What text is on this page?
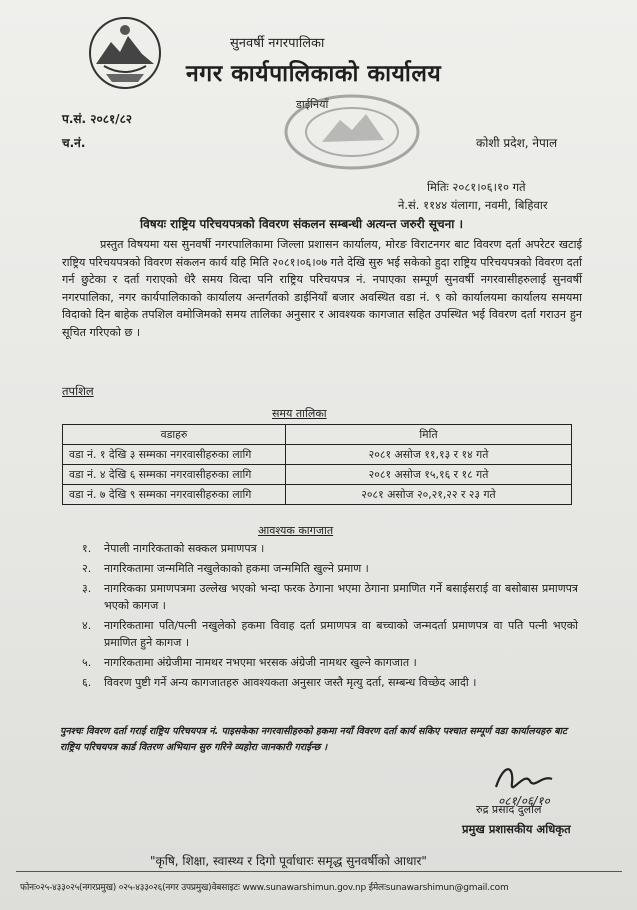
सुनवर्षी नगरपालिका
नगर कार्यपालिकाको कार्यालय
डाईनियाँ
प.सं. २०८१/८२
च.नं.	कोशी प्रदेश, नेपाल
मितिः २०८१।०६।१० गते
ने.सं. ११४४ यंलागा, नवमी, बिहिवार
विषयः राष्ट्रिय परिचयपत्रको विवरण संकलन सम्बन्धी अत्यन्त जरुरी सूचना ।

प्रस्तुत विषयमा यस सुनवर्षी नगरपालिकामा जिल्ला प्रशासन कार्यालय, मोरङ विराटनगर बाट विवरण दर्ता अपरेटर खटाई राष्ट्रिय परिचयपत्रको विवरण संकलन कार्य यहि मिति २०८१।०६।०७ गते देखि सुरु भई सकेको हुदा राष्ट्रिय परिचयपत्रको विवरण दर्ता गर्न छुटेका र दर्ता गराएको धेरै समय वित्दा पनि राष्ट्रिय परिचयपत्र नं. नपाएका सम्पूर्ण सुनवर्षी नगरवासीहरुलाई सुनवर्षी नगरपालिका, नगर कार्यपालिकाको कार्यालय अन्तर्गतको डाईनियाँ बजार अवस्थित वडा नं. ९ को कार्यालयमा कार्यालय समयमा विदाको दिन बाहेक तपशिल वमोजिमको समय तालिका अनुसार र आवश्यक कागजात सहित उपस्थित भई विवरण दर्ता गराउन हुन सूचित गरिएको छ ।

तपशिल
समय तालिका
वडाहरु	मिति
वडा नं. १ देखि ३ सम्मका नगरवासीहरुका लागि	२०८१ असोज ११,१३ र १४ गते
वडा नं. ४ देखि ६ सम्मका नगरवासीहरुका लागि	२०८१ असोज १५,१६ र १८ गते
वडा नं. ७ देखि ९ सम्मका नगरवासीहरुका लागि	२०८१ असोज २०,२१,२२ र २३ गते
आवश्यक कागजात
१. नेपाली नागरिकताको सक्कल प्रमाणपत्र ।
२. नागरिकतामा जन्ममिति नखुलेकाको हकमा जन्ममिति खुल्ने प्रमाण ।
३. नागरिकका प्रमाणपत्रमा उल्लेख भएको भन्दा फरक ठेगाना भएमा ठेगाना प्रमाणित गर्ने बसाईसराई वा बसोबास प्रमाणपत्र भएको कागज ।
४. नागरिकतामा पति/पत्नी नखुलेको हकमा विवाह दर्ता प्रमाणपत्र वा बच्चाको जन्मदर्ता प्रमाणपत्र वा पति पत्नी भएको प्रमाणित हुने कागज ।
५. नागरिकतामा अंग्रेजीमा नामथर नभएमा भरसक अंग्रेजी नामथर खुल्ने कागजात ।
६. विवरण पुष्टी गर्ने अन्य कागजातहरु आवश्यकता अनुसार जस्तै मृत्यु दर्ता, सम्बन्ध विच्छेद आदी ।
पुनश्चः विवरण दर्ता गराई राष्ट्रिय परिचयपत्र नं. पाइसकेका नगरवासीहरुको हकमा नयाँ विवरण दर्ता कार्य सकिए पश्चात सम्पूर्ण वडा कार्यालयहरु बाट राष्ट्रिय परिचयपत्र कार्ड वितरण अभियान सुरु गरिने व्यहोरा जानकारी गराईन्छ ।
०८१/०६/१०
रुद्र प्रसाद दुलाल
प्रमुख प्रशासकीय अधिकृत
"कृषि, शिक्षा, स्वास्थ्य र दिगो पूर्वाधारः समृद्ध सुनवर्षीको आधार"
फोनः०२५-४३३०२५(नगरप्रमुख) ०२५-४३३०२६(नगर उपप्रमुख)वेबसाइटः www.sunawarshimun.gov.np ईमेलःsunawarshimun@gmail.com
